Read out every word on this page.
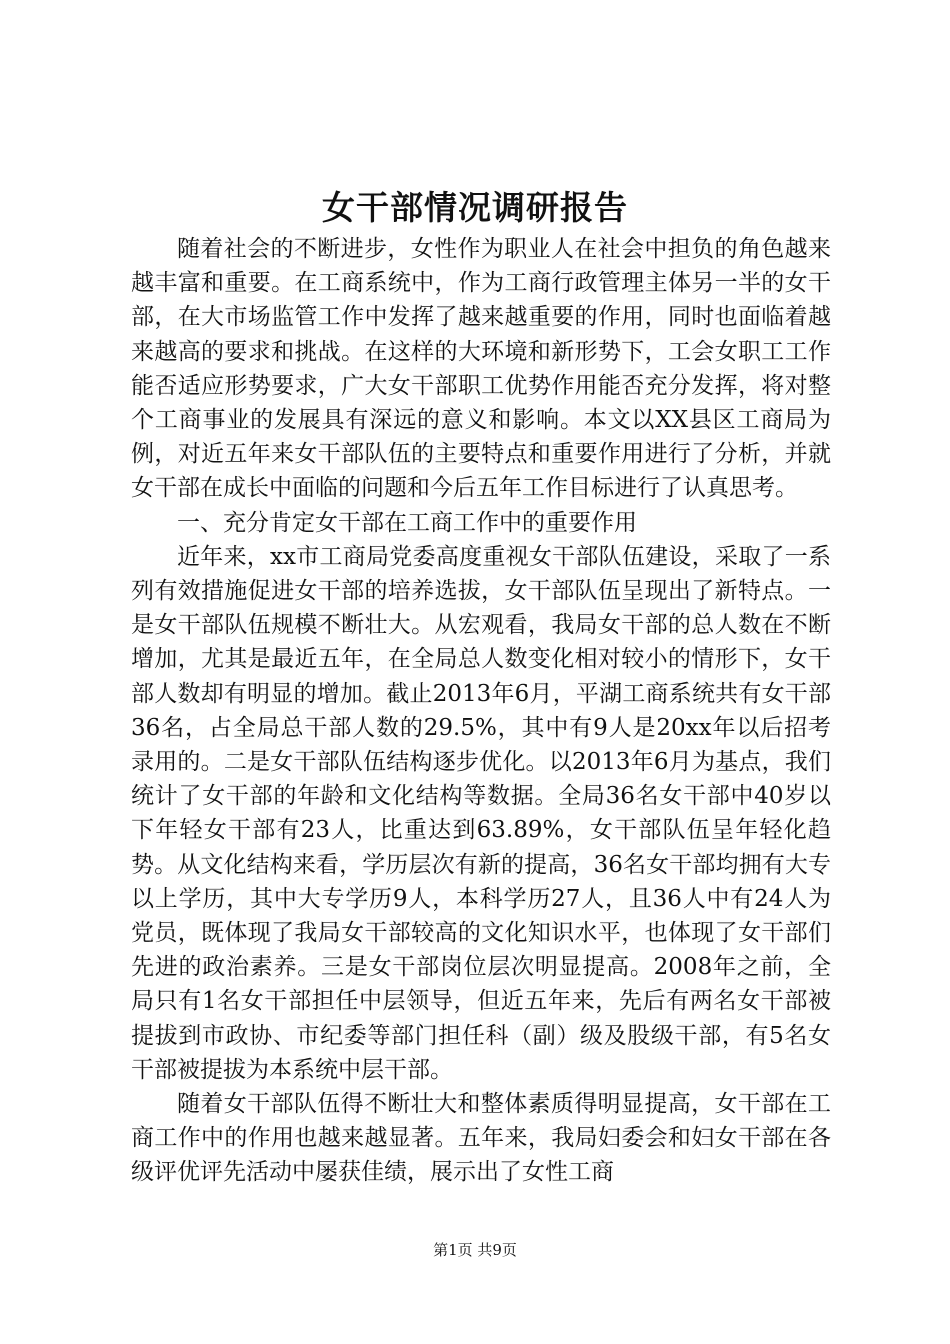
女干部情况调研报告

随着社会的不断进步，女性作为职业人在社会中担负的角色越来越丰富和重要。在工商系统中，作为工商行政管理主体另一半的女干部，在大市场监管工作中发挥了越来越重要的作用，同时也面临着越来越高的要求和挑战。在这样的大环境和新形势下，工会女职工工作能否适应形势要求，广大女干部职工优势作用能否充分发挥，将对整个工商事业的发展具有深远的意义和影响。本文以XX县区工商局为例，对近五年来女干部队伍的主要特点和重要作用进行了分析，并就女干部在成长中面临的问题和今后五年工作目标进行了认真思考。

一、充分肯定女干部在工商工作中的重要作用

近年来，xx市工商局党委高度重视女干部队伍建设，采取了一系列有效措施促进女干部的培养选拔，女干部队伍呈现出了新特点。一是女干部队伍规模不断壮大。从宏观看，我局女干部的总人数在不断增加，尤其是最近五年，在全局总人数变化相对较小的情形下，女干部人数却有明显的增加。截止2013年6月，平湖工商系统共有女干部36名，占全局总干部人数的29.5%，其中有9人是20xx年以后招考录用的。二是女干部队伍结构逐步优化。以2013年6月为基点，我们统计了女干部的年龄和文化结构等数据。全局36名女干部中40岁以下年轻女干部有23人，比重达到63.89%，女干部队伍呈年轻化趋势。从文化结构来看，学历层次有新的提高，36名女干部均拥有大专以上学历，其中大专学历9人，本科学历27人，且36人中有24人为党员，既体现了我局女干部较高的文化知识水平，也体现了女干部们先进的政治素养。三是女干部岗位层次明显提高。2008年之前，全局只有1名女干部担任中层领导，但近五年来，先后有两名女干部被提拔到市政协、市纪委等部门担任科（副）级及股级干部，有5名女干部被提拔为本系统中层干部。

随着女干部队伍得不断壮大和整体素质得明显提高，女干部在工商工作中的作用也越来越显著。五年来，我局妇委会和妇女干部在各级评优评先活动中屡获佳绩，展示出了女性工商

第1页 共9页
